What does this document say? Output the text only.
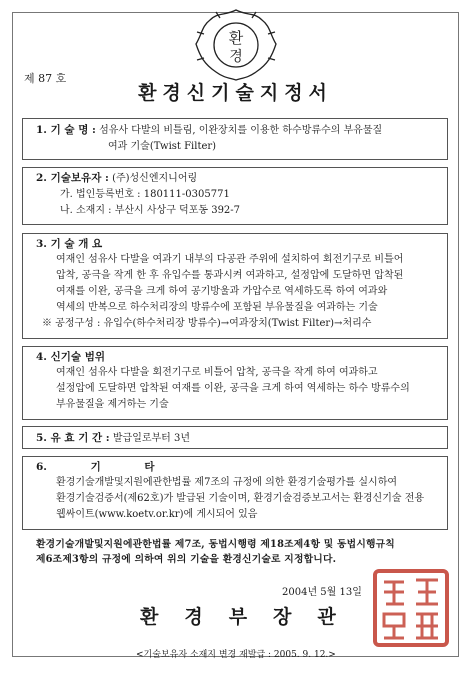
환
경
제 87 호
환경신기술지정서
1. 기 술 명 : 섬유사 다발의 비틀림, 이완장치를 이용한 하수방류수의 부유물질
여과 기술(Twist Filter)
2. 기술보유자 : (주)성신엔지니어링
가. 법인등록번호 : 180111-0305771
나. 소재지 : 부산시 사상구 덕포동 392-7
3. 기 술 개 요
여재인 섬유사 다발을 여과기 내부의 다공관 주위에 설치하여 회전기구로 비틀어
압착, 공극을 작게 한 후 유입수를 통과시켜 여과하고, 설정압에 도달하면 압착된
여재를 이완, 공극을 크게 하여 공기방울과 가압수로 역세하도록 하여 여과와
역세의 반복으로 하수처리장의 방류수에 포함된 부유물질을 여과하는 기술
※ 공정구성 : 유입수(하수처리장 방류수)→여과장치(Twist Filter)→처리수
4. 신기술 범위
여재인 섬유사 다발을 회전기구로 비틀어 압착, 공극을 작게 하여 여과하고
설정압에 도달하면 압착된 여재를 이완, 공극을 크게 하여 역세하는 하수 방류수의
부유물질을 제거하는 기술
5. 유 효 기 간 : 발급일로부터 3년
6. 기 타
환경기술개발및지원에관한법률 제7조의 규정에 의한 환경기술평가를 실시하여
환경기술검증서(제62호)가 발급된 기술이며, 환경기술검증보고서는 환경신기술 전용
웹싸이트(www.koetv.or.kr)에 게시되어 있음
환경기술개발및지원에관한법률 제7조, 동법시행령 제18조제4항 및 동법시행규칙
제6조제3항의 규정에 의하여 위의 기술을 환경신기술로 지정합니다.
2004년 5월 13일
환경부장관
<기술보유자 소재지 변경 재발급 : 2005. 9. 12.>
